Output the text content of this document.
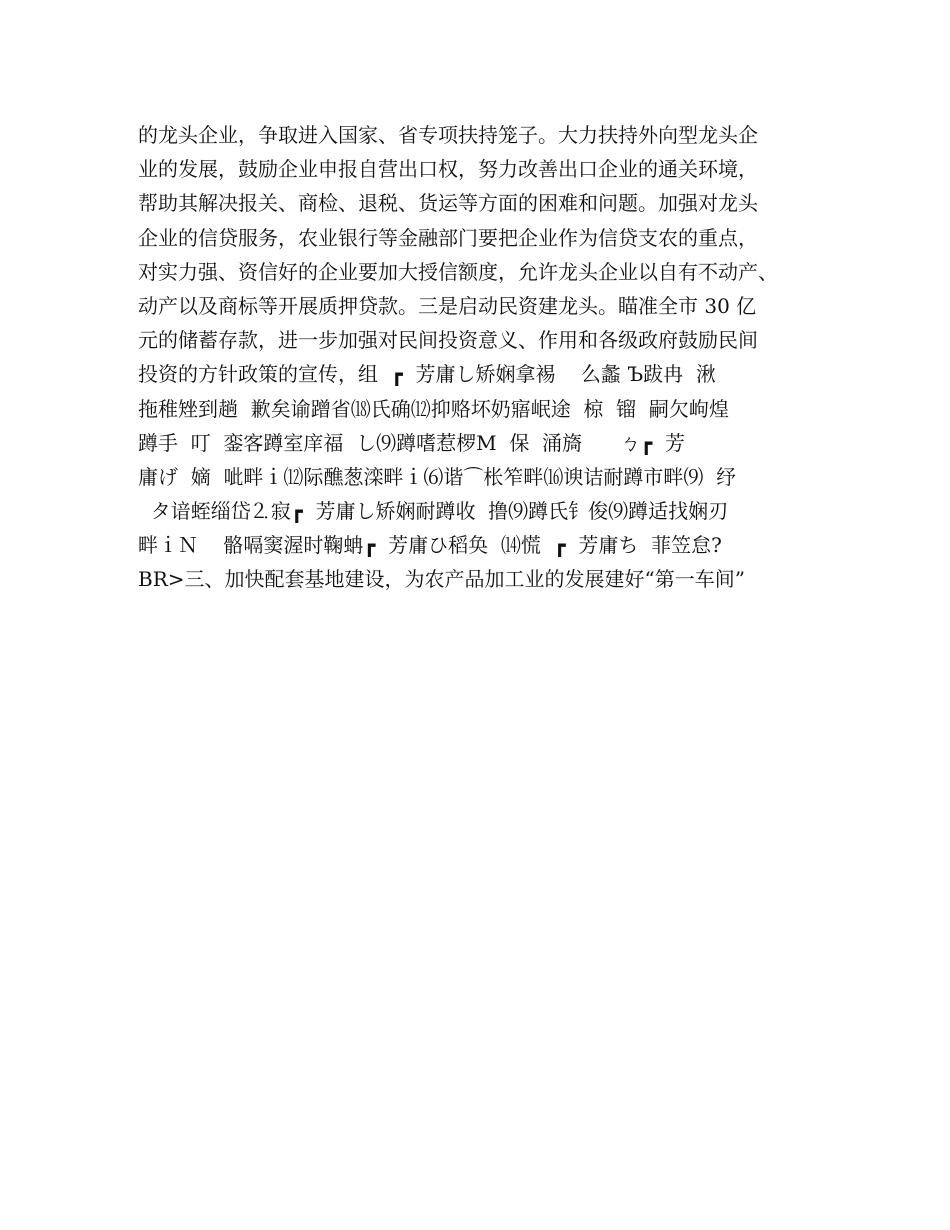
的龙头企业，争取进入国家、省专项扶持笼子。大力扶持外向型龙头企
业的发展，鼓励企业申报自营出口权，努力改善出口企业的通关环境，
帮助其解决报关、商检、退税、货运等方面的困难和问题。加强对龙头
企业的信贷服务，农业银行等金融部门要把企业作为信贷支农的重点，
对实力强、资信好的企业要加大授信额度，允许龙头企业以自有不动产、
动产以及商标等开展质押贷款。三是启动民资建龙头。瞄准全市 30 亿
元的储蓄存款，进一步加强对民间投资意义、作用和各级政府鼓励民间
投资的方针政策的宣传，组  ┏  芳庸し矫娴拿裼    么蠡 Ъ跋冉  湫
拖稚矬到趟  歉矣谕蹭省⒅氏确⑿抑赂坏奶寤岷途  椋  镏  嗣欠岣煌
蹲手  叮  銮客蹲室庠福  し⑼蹲嗜惹椤М  保  涌旖      ㄅ┏  芳
庸げ  嫡  呲畔ｉ⑿际醮葱滦畔ｉ⑹谐⌒枨笮畔⒃谀诘耐蹲市畔⑼  纾
タ谙蛭缁岱⒉寂┏  芳庸し矫娴耐蹲收  撸⑼蹲氏钅俊⑼蹲适找娴刃
畔ｉＮ    骼嗝窦渥时鞠蚺┏  芳庸ひ稻奂  ⒁慌  ┏  芳庸ち  菲笠怠?
BR>三、加快配套基地建设，为农产品加工业的发展建好“第一车间”
